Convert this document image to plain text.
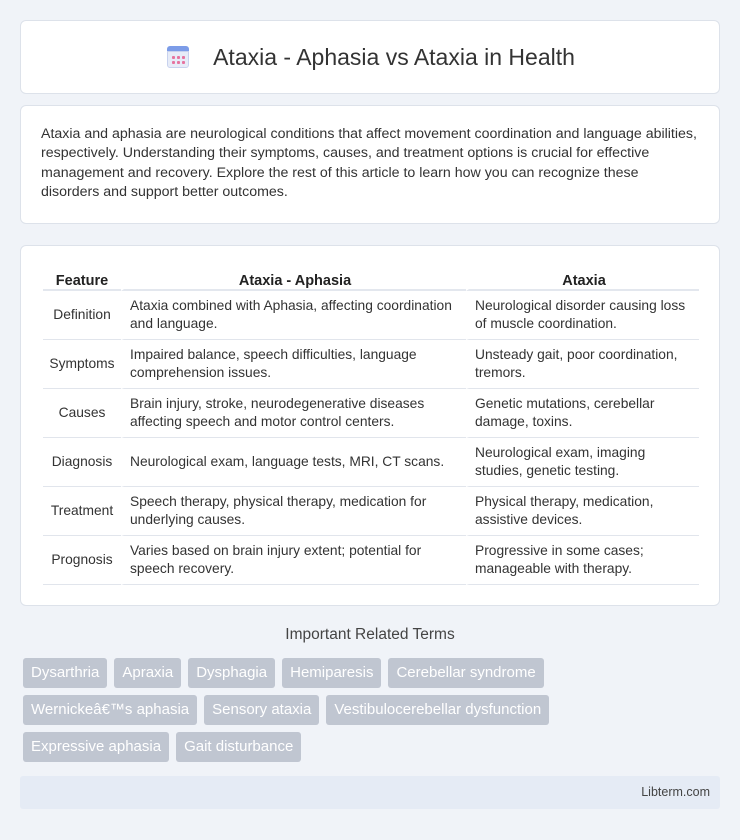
Ataxia - Aphasia vs Ataxia in Health

Ataxia and aphasia are neurological conditions that affect movement coordination and language abilities, respectively. Understanding their symptoms, causes, and treatment options is crucial for effective management and recovery. Explore the rest of this article to learn how you can recognize these disorders and support better outcomes.

Feature	Ataxia - Aphasia	Ataxia
Definition	Ataxia combined with Aphasia, affecting coordination and language.	Neurological disorder causing loss of muscle coordination.
Symptoms	Impaired balance, speech difficulties, language comprehension issues.	Unsteady gait, poor coordination, tremors.
Causes	Brain injury, stroke, neurodegenerative diseases affecting speech and motor control centers.	Genetic mutations, cerebellar damage, toxins.
Diagnosis	Neurological exam, language tests, MRI, CT scans.	Neurological exam, imaging studies, genetic testing.
Treatment	Speech therapy, physical therapy, medication for underlying causes.	Physical therapy, medication, assistive devices.
Prognosis	Varies based on brain injury extent; potential for speech recovery.	Progressive in some cases; manageable with therapy.
Important Related Terms
Dysarthria	Apraxia	Dysphagia	Hemiparesis	Cerebellar syndrome
Wernickeâ€™s aphasia	Sensory ataxia	Vestibulocerebellar dysfunction
Expressive aphasia	Gait disturbance
Libterm.com
